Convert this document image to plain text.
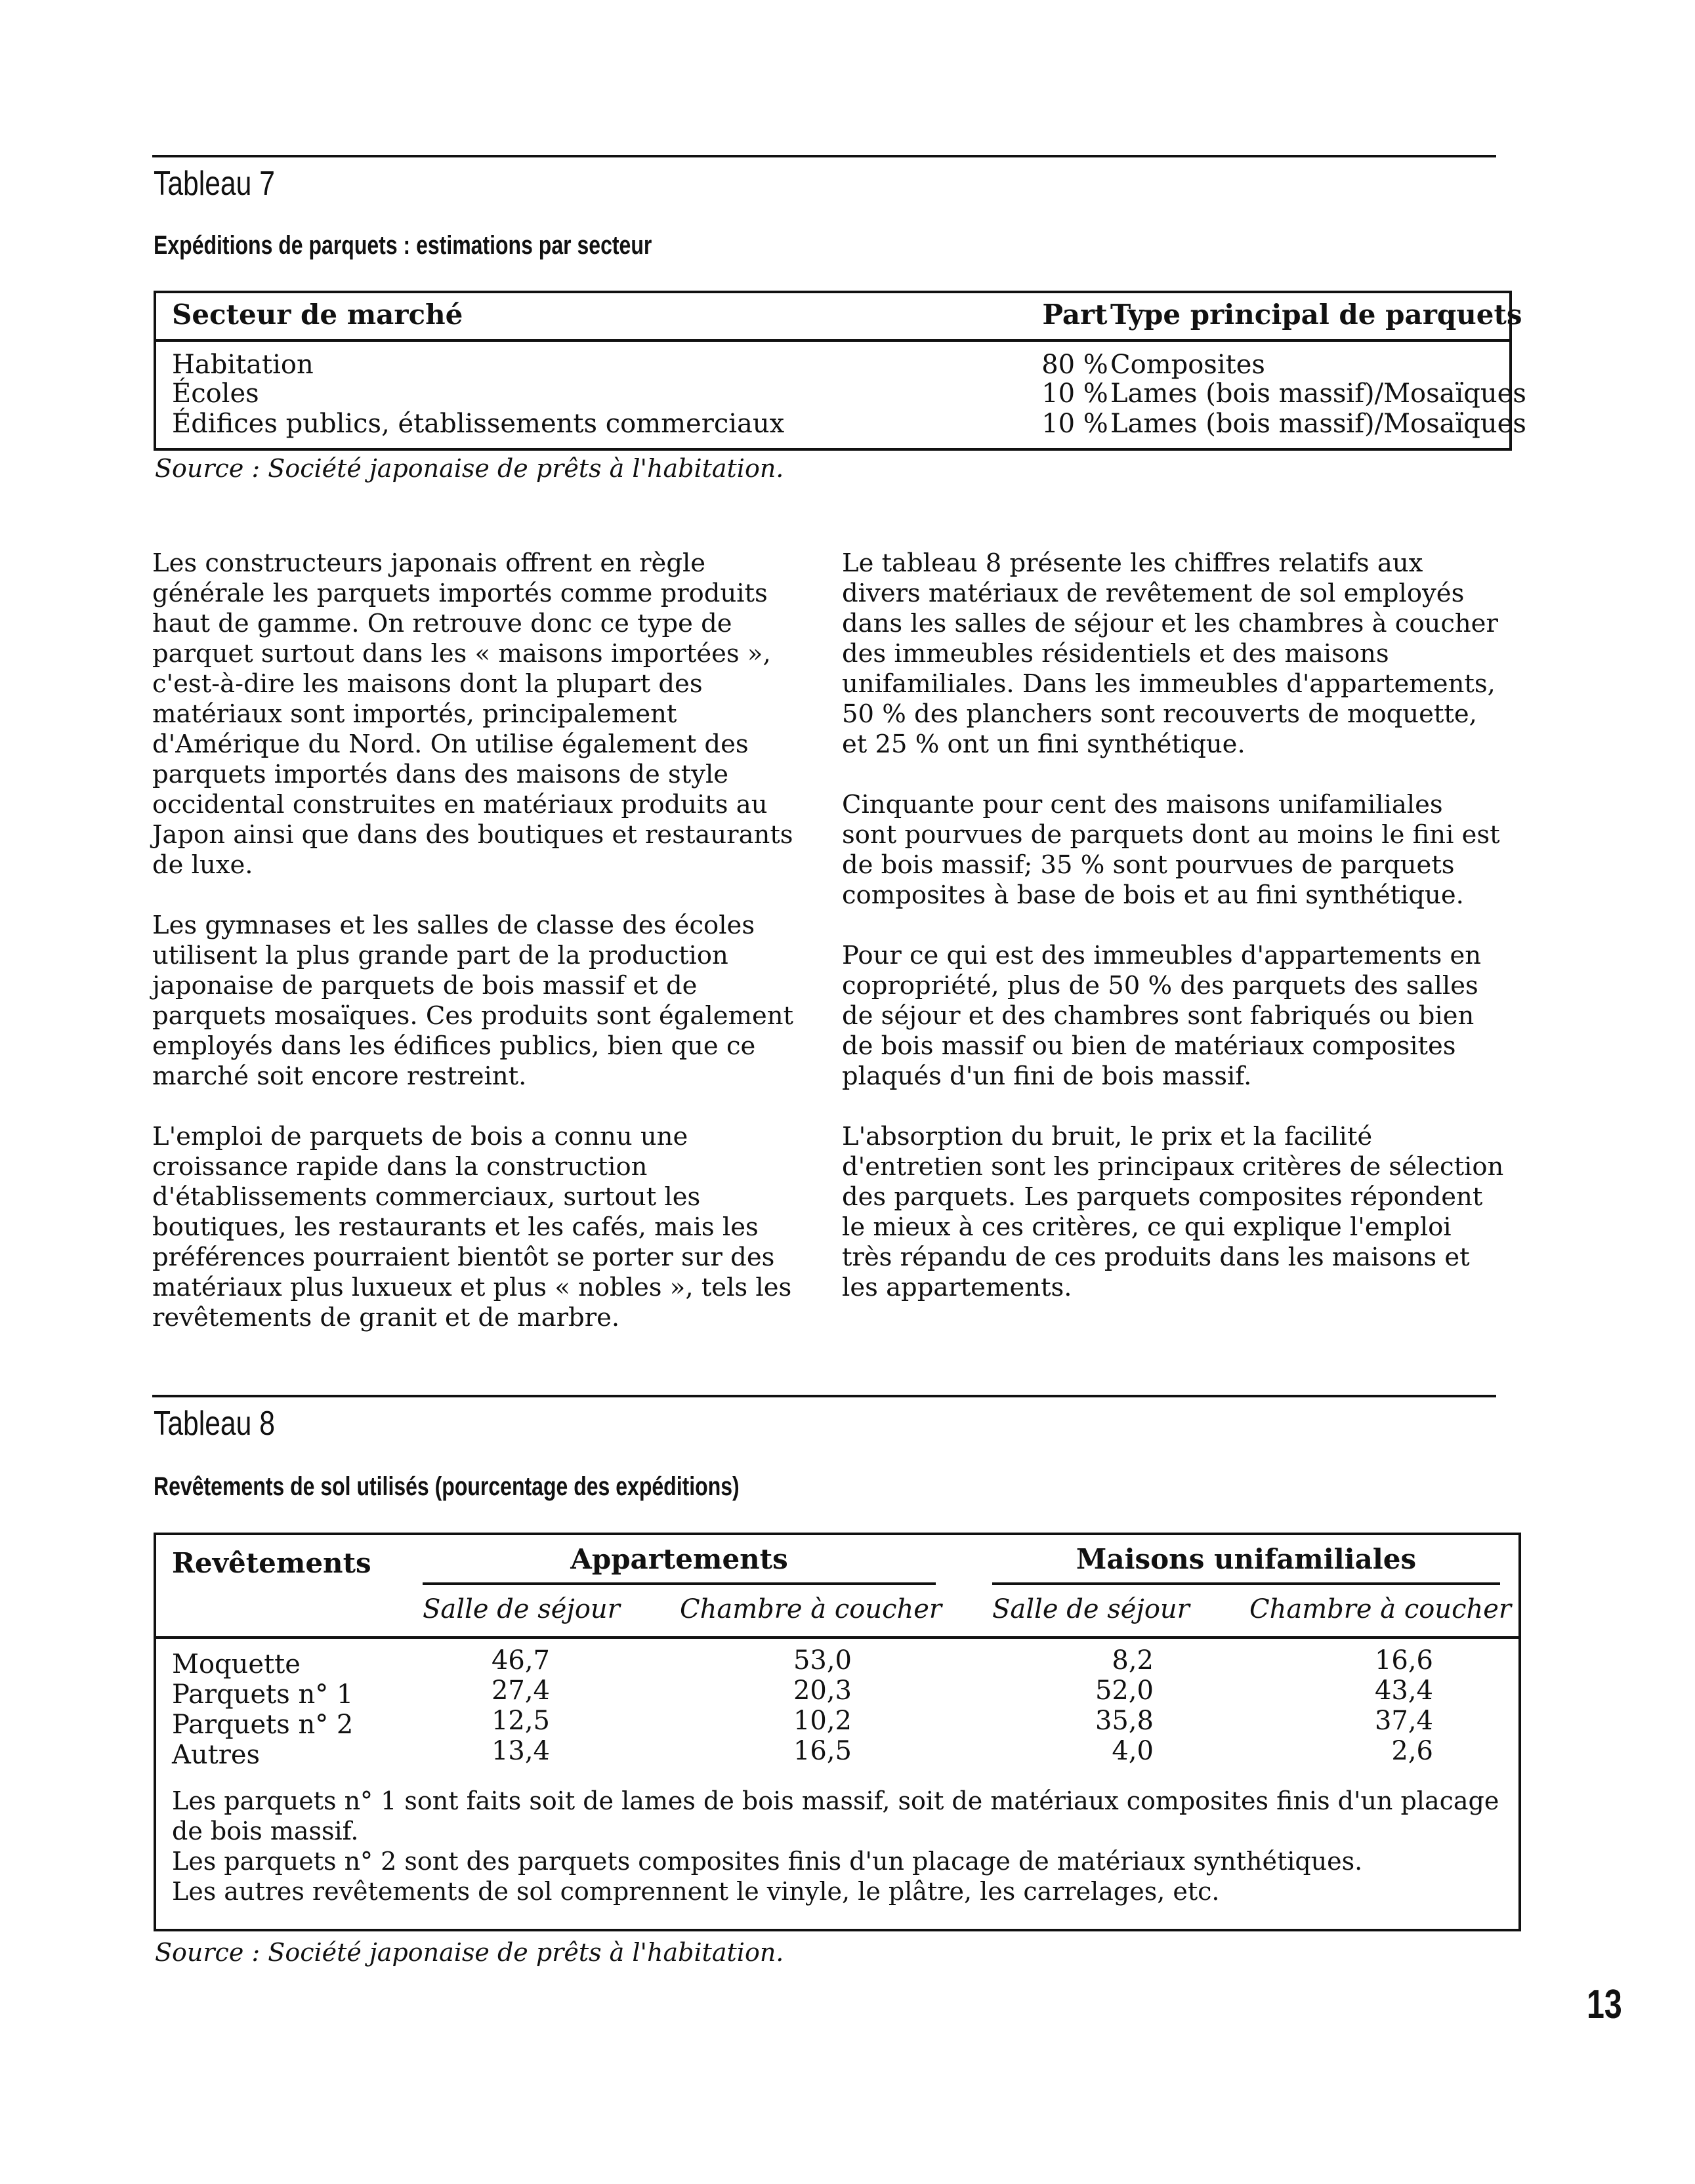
Tableau 7
Expéditions de parquets : estimations par secteur
Secteur de marché	Part Type principal de parquets
Habitation	80 % Composites
Écoles	10 % Lames (bois massif)/Mosaïques
Édifices publics, établissements commerciaux	10 % Lames (bois massif)/Mosaïques
Source : Société japonaise de prêts à l'habitation.

Les constructeurs japonais offrent en règle générale les parquets importés comme produits haut de gamme. On retrouve donc ce type de parquet surtout dans les « maisons importées », c'est-à-dire les maisons dont la plupart des matériaux sont importés, principalement d'Amérique du Nord. On utilise également des parquets importés dans des maisons de style occidental construites en matériaux produits au Japon ainsi que dans des boutiques et restaurants de luxe.

Les gymnases et les salles de classe des écoles utilisent la plus grande part de la production japonaise de parquets de bois massif et de parquets mosaïques. Ces produits sont également employés dans les édifices publics, bien que ce marché soit encore restreint.

L'emploi de parquets de bois a connu une croissance rapide dans la construction d'établissements commerciaux, surtout les boutiques, les restaurants et les cafés, mais les préférences pourraient bientôt se porter sur des matériaux plus luxueux et plus « nobles », tels les revêtements de granit et de marbre.

Le tableau 8 présente les chiffres relatifs aux divers matériaux de revêtement de sol employés dans les salles de séjour et les chambres à coucher des immeubles résidentiels et des maisons unifamiliales. Dans les immeubles d'appartements, 50 % des planchers sont recouverts de moquette, et 25 % ont un fini synthétique.

Cinquante pour cent des maisons unifamiliales sont pourvues de parquets dont au moins le fini est de bois massif; 35 % sont pourvues de parquets composites à base de bois et au fini synthétique.

Pour ce qui est des immeubles d'appartements en copropriété, plus de 50 % des parquets des salles de séjour et des chambres sont fabriqués ou bien de bois massif ou bien de matériaux composites plaqués d'un fini de bois massif.

L'absorption du bruit, le prix et la facilité d'entretien sont les principaux critères de sélection des parquets. Les parquets composites répondent le mieux à ces critères, ce qui explique l'emploi très répandu de ces produits dans les maisons et les appartements.

Tableau 8
Revêtements de sol utilisés (pourcentage des expéditions)
Revêtements	Appartements	Maisons unifamiliales
Salle de séjour Chambre à coucher Salle de séjour Chambre à coucher
Moquette	46,7	53,0	8,2	16,6
Parquets n° 1	27,4	20,3	52,0	43,4
Parquets n° 2	12,5	10,2	35,8	37,4
Autres	13,4	16,5	4,0	2,6
Les parquets n° 1 sont faits soit de lames de bois massif, soit de matériaux composites finis d'un placage
de bois massif.
Les parquets n° 2 sont des parquets composites finis d'un placage de matériaux synthétiques.
Les autres revêtements de sol comprennent le vinyle, le plâtre, les carrelages, etc.
Source : Société japonaise de prêts à l'habitation.
13
